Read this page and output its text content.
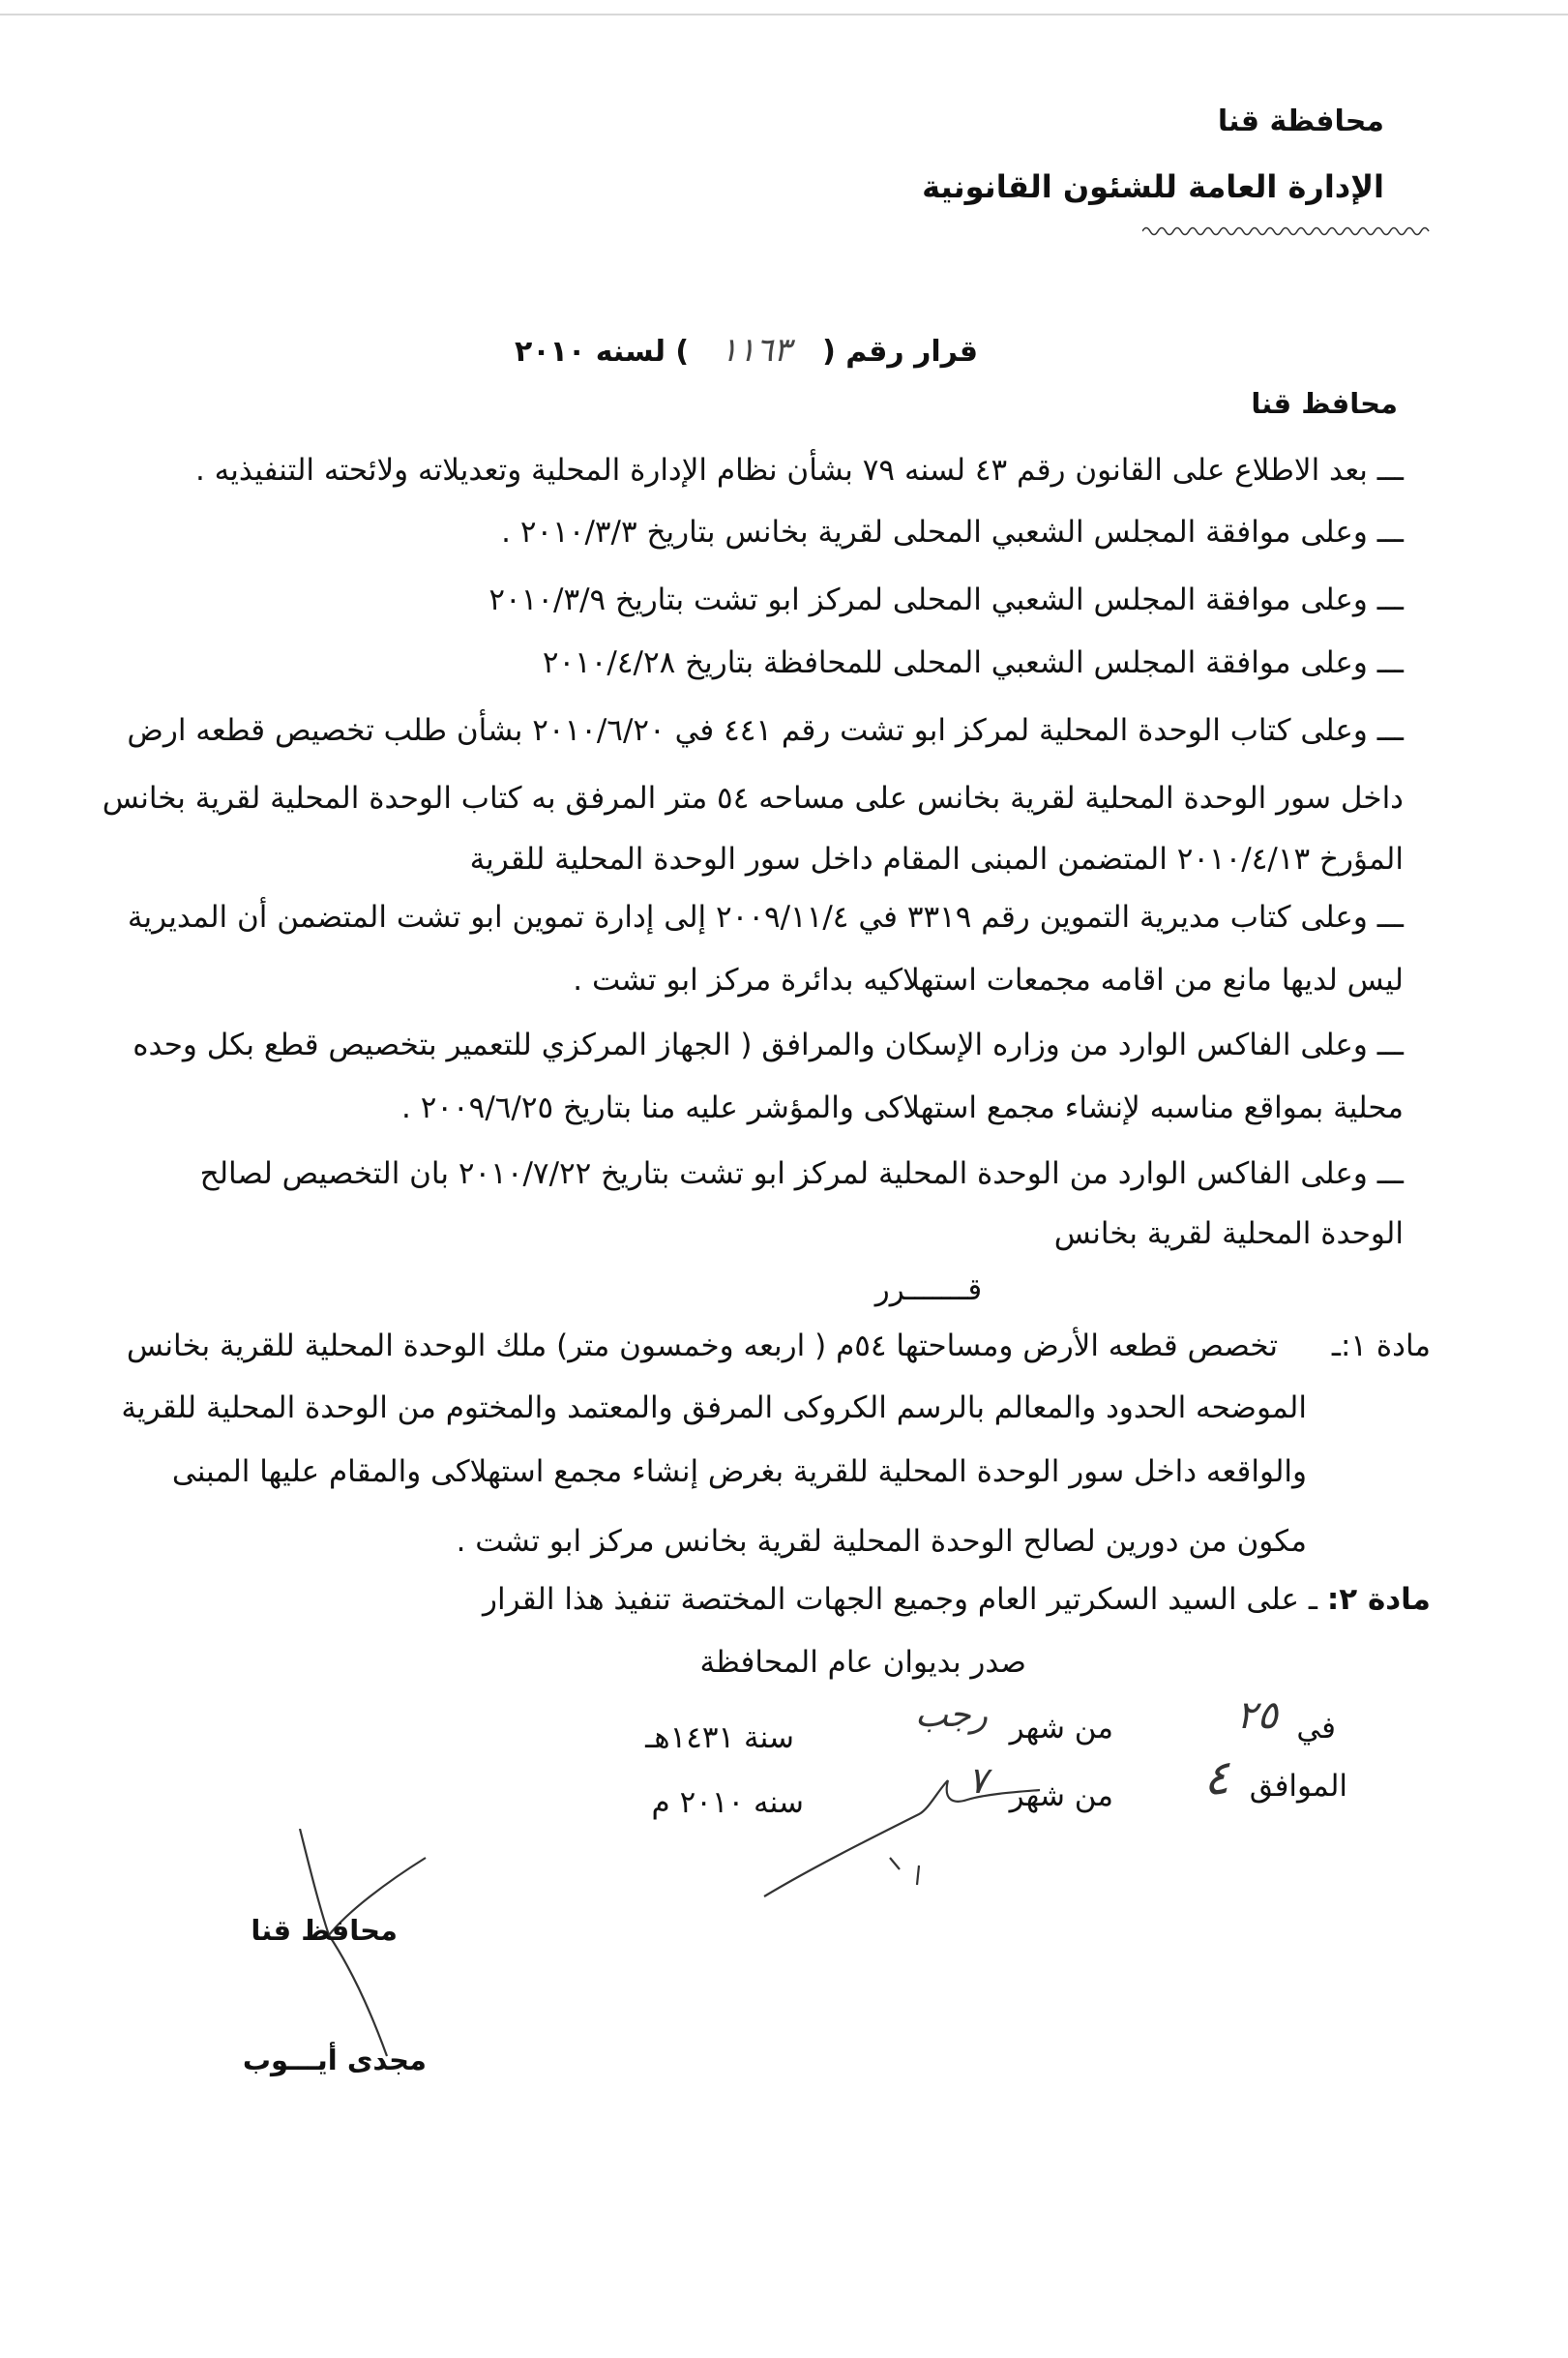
محافظة قنا
الإدارة العامة للشئون القانونية
قرار رقم ( ١١٦٣ ) لسنه ٢٠١٠
محافظ قنا
ـــ بعد الاطلاع على القانون رقم ٤٣ لسنه ٧٩ بشأن نظام الإدارة المحلية وتعديلاته ولائحته التنفيذيه .
ـــ وعلى موافقة المجلس الشعبي المحلى لقرية بخانس بتاريخ ٢٠١٠/٣/٣ .
ـــ وعلى موافقة المجلس الشعبي المحلى لمركز ابو تشت بتاريخ ٢٠١٠/٣/٩
ـــ وعلى موافقة المجلس الشعبي المحلى للمحافظة بتاريخ ٢٠١٠/٤/٢٨
ـــ وعلى كتاب الوحدة المحلية لمركز ابو تشت رقم ٤٤١ في ٢٠١٠/٦/٢٠ بشأن طلب تخصيص قطعه ارض
داخل سور الوحدة المحلية لقرية بخانس على مساحه ٥٤ متر المرفق به كتاب الوحدة المحلية لقرية بخانس
المؤرخ ٢٠١٠/٤/١٣ المتضمن المبنى المقام داخل سور الوحدة المحلية للقرية
ـــ وعلى كتاب مديرية التموين رقم ٣٣١٩ في ٢٠٠٩/١١/٤ إلى إدارة تموين ابو تشت المتضمن أن المديرية
ليس لديها مانع من اقامه مجمعات استهلاكيه بدائرة مركز ابو تشت .
ـــ وعلى الفاكس الوارد من وزاره الإسكان والمرافق ( الجهاز المركزي للتعمير بتخصيص قطع بكل وحده
محلية بمواقع مناسبه لإنشاء مجمع استهلاكى والمؤشر عليه منا بتاريخ ٢٠٠٩/٦/٢٥ .
ـــ وعلى الفاكس الوارد من الوحدة المحلية لمركز ابو تشت بتاريخ ٢٠١٠/٧/٢٢ بان التخصيص لصالح
الوحدة المحلية لقرية بخانس
قـــــــرر
مادة ١:ـ
تخصص قطعه الأرض ومساحتها ٥٤م ( اربعه وخمسون متر) ملك الوحدة المحلية للقرية بخانس
الموضحه الحدود والمعالم بالرسم الكروكى المرفق والمعتمد والمختوم من الوحدة المحلية للقرية
والواقعه داخل سور الوحدة المحلية للقرية بغرض إنشاء مجمع استهلاكى والمقام عليها المبنى
مكون من دورين لصالح الوحدة المحلية لقرية بخانس مركز ابو تشت .
مادة ٢: ـ على السيد السكرتير العام وجميع الجهات المختصة تنفيذ هذا القرار
صدر بديوان عام المحافظة
في
٢٥
من شهر
رجب
سنة ١٤٣١هـ
الموافق
٤
من شهر
٧
سنه ٢٠١٠ م
محافظ قنا
مجدى أيـــوب
